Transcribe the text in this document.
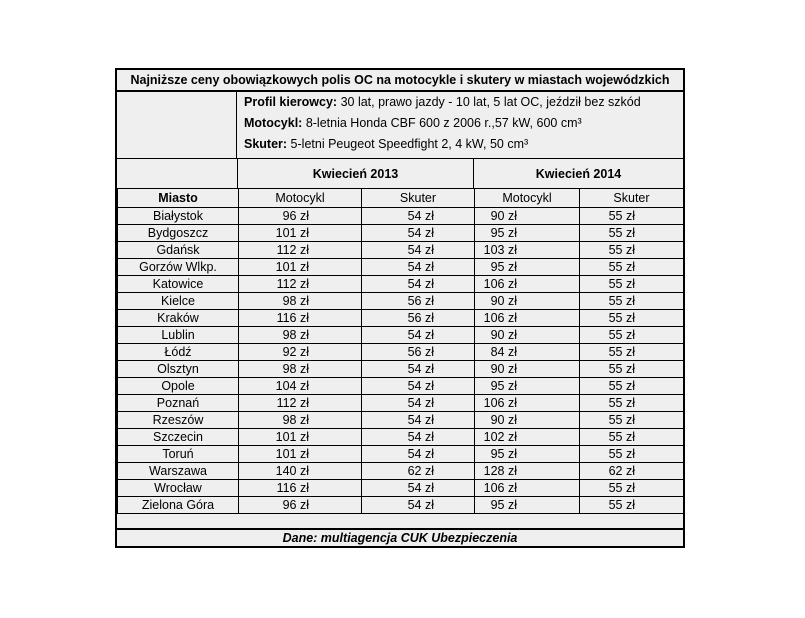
Najniższe ceny obowiązkowych polis OC na motocykle i skutery w miastach wojewódzkich
Profil kierowcy: 30 lat, prawo jazdy - 10 lat, 5 lat OC, jeździł bez szkód
Motocykl: 8-letnia Honda CBF 600 z 2006 r.,57 kW, 600 cm³
Skuter: 5-letni Peugeot Speedfight 2, 4 kW, 50 cm³
Kwiecień 2013	Kwiecień 2014
Miasto	Motocykl	Skuter	Motocykl	Skuter
Białystok	96 zł	54 zł	90 zł	55 zł
Bydgoszcz	101 zł	54 zł	95 zł	55 zł
Gdańsk	112 zł	54 zł	103 zł	55 zł
Gorzów Wlkp.	101 zł	54 zł	95 zł	55 zł
Katowice	112 zł	54 zł	106 zł	55 zł
Kielce	98 zł	56 zł	90 zł	55 zł
Kraków	116 zł	56 zł	106 zł	55 zł
Lublin	98 zł	54 zł	90 zł	55 zł
Łódź	92 zł	56 zł	84 zł	55 zł
Olsztyn	98 zł	54 zł	90 zł	55 zł
Opole	104 zł	54 zł	95 zł	55 zł
Poznań	112 zł	54 zł	106 zł	55 zł
Rzeszów	98 zł	54 zł	90 zł	55 zł
Szczecin	101 zł	54 zł	102 zł	55 zł
Toruń	101 zł	54 zł	95 zł	55 zł
Warszawa	140 zł	62 zł	128 zł	62 zł
Wrocław	116 zł	54 zł	106 zł	55 zł
Zielona Góra	96 zł	54 zł	95 zł	55 zł
Dane: multiagencja CUK Ubezpieczenia
